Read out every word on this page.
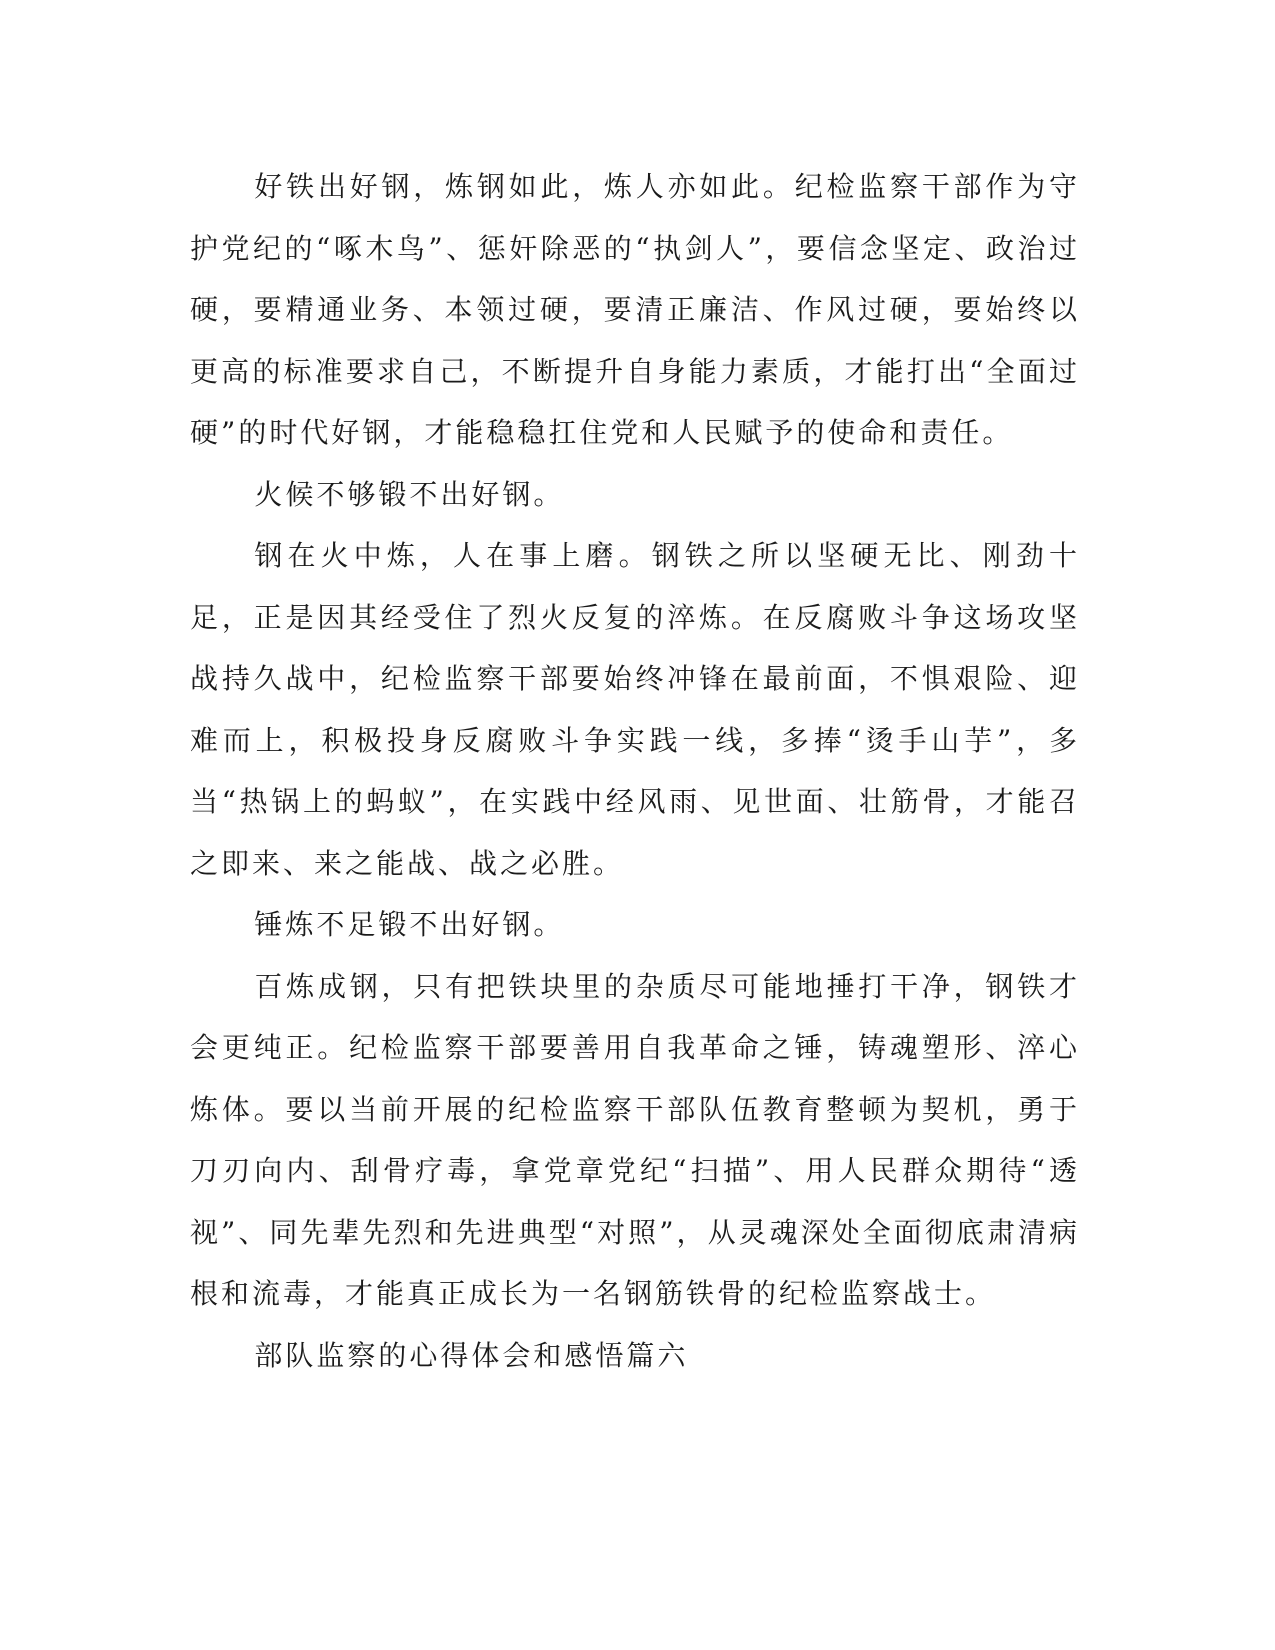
好铁出好钢，炼钢如此，炼人亦如此。纪检监察干部作为守护党纪的“啄木鸟”、惩奸除恶的“执剑人”，要信念坚定、政治过硬，要精通业务、本领过硬，要清正廉洁、作风过硬，要始终以更高的标准要求自己，不断提升自身能力素质，才能打出“全面过硬”的时代好钢，才能稳稳扛住党和人民赋予的使命和责任。

火候不够锻不出好钢。

钢在火中炼，人在事上磨。钢铁之所以坚硬无比、刚劲十足，正是因其经受住了烈火反复的淬炼。在反腐败斗争这场攻坚战持久战中，纪检监察干部要始终冲锋在最前面，不惧艰险、迎难而上，积极投身反腐败斗争实践一线，多捧“烫手山芋”，多当“热锅上的蚂蚁”，在实践中经风雨、见世面、壮筋骨，才能召之即来、来之能战、战之必胜。

锤炼不足锻不出好钢。

百炼成钢，只有把铁块里的杂质尽可能地捶打干净，钢铁才会更纯正。纪检监察干部要善用自我革命之锤，铸魂塑形、淬心炼体。要以当前开展的纪检监察干部队伍教育整顿为契机，勇于刀刃向内、刮骨疗毒，拿党章党纪“扫描”、用人民群众期待“透视”、同先辈先烈和先进典型“对照”，从灵魂深处全面彻底肃清病根和流毒，才能真正成长为一名钢筋铁骨的纪检监察战士。

部队监察的心得体会和感悟篇六
